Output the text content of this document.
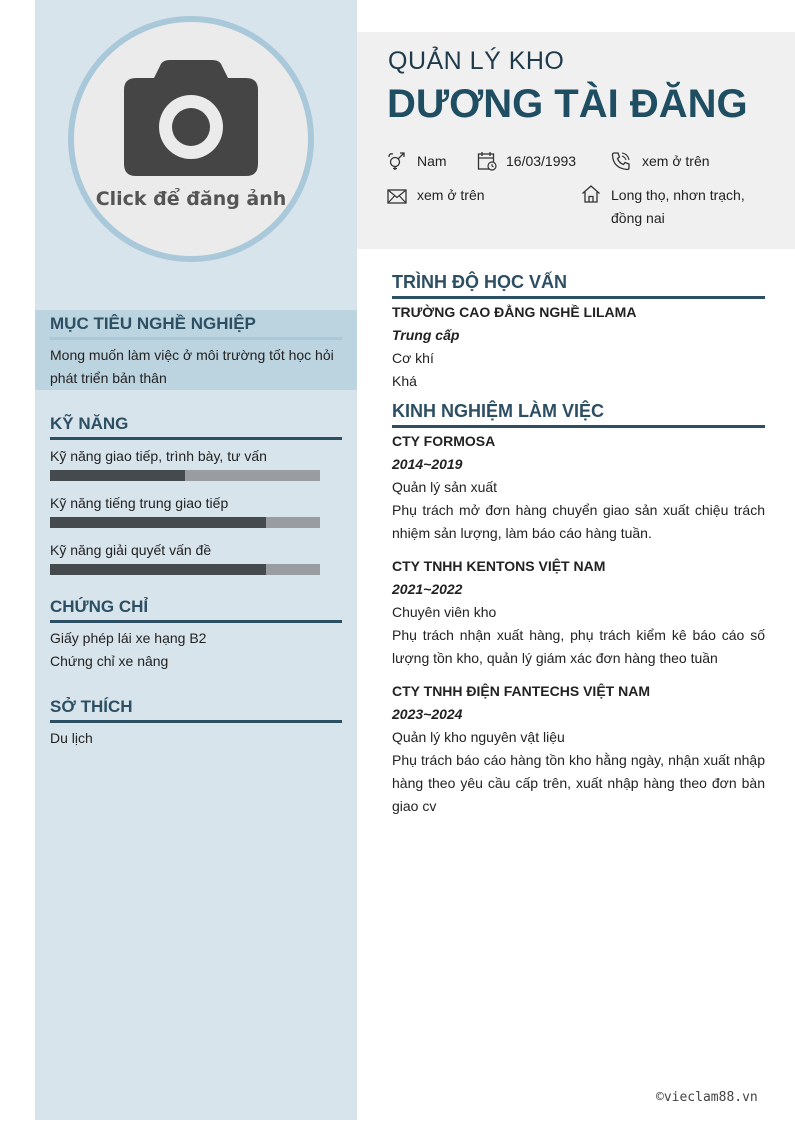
Click để đăng ảnh
MỤC TIÊU NGHỀ NGHIỆP
Mong muốn làm việc ở môi trường tốt học hỏi
phát triển bản thân
KỸ NĂNG
Kỹ năng giao tiếp, trình bày, tư vấn
Kỹ năng tiếng trung giao tiếp
Kỹ năng giải quyết vấn đề
CHỨNG CHỈ
Giấy phép lái xe hạng B2
Chứng chỉ xe nâng
SỞ THÍCH
Du lịch
QUẢN LÝ KHO
DƯƠNG TÀI ĐĂNG
Nam	16/03/1993	xem ở trên
xem ở trên	Long thọ, nhơn trạch,
đồng nai
TRÌNH ĐỘ HỌC VẤN
TRƯỜNG CAO ĐẲNG NGHỀ LILAMA
Trung cấp
Cơ khí
Khá
KINH NGHIỆM LÀM VIỆC
CTY FORMOSA
2014~2019
Quản lý sản xuất
Phụ trách mở đơn hàng chuyển giao sản xuất chiệu trách nhiệm sản lượng, làm báo cáo hàng tuần.
CTY TNHH KENTONS VIỆT NAM
2021~2022
Chuyên viên kho
Phụ trách nhận xuất hàng, phụ trách kiểm kê báo cáo số lượng tồn kho, quản lý giám xác đơn hàng theo tuần
CTY TNHH ĐIỆN FANTECHS VIỆT NAM
2023~2024
Quản lý kho nguyên vật liệu
Phụ trách báo cáo hàng tồn kho hằng ngày, nhận xuất nhập hàng theo yêu cầu cấp trên, xuất nhập hàng theo đơn bàn giao cv
©vieclam88.vn
